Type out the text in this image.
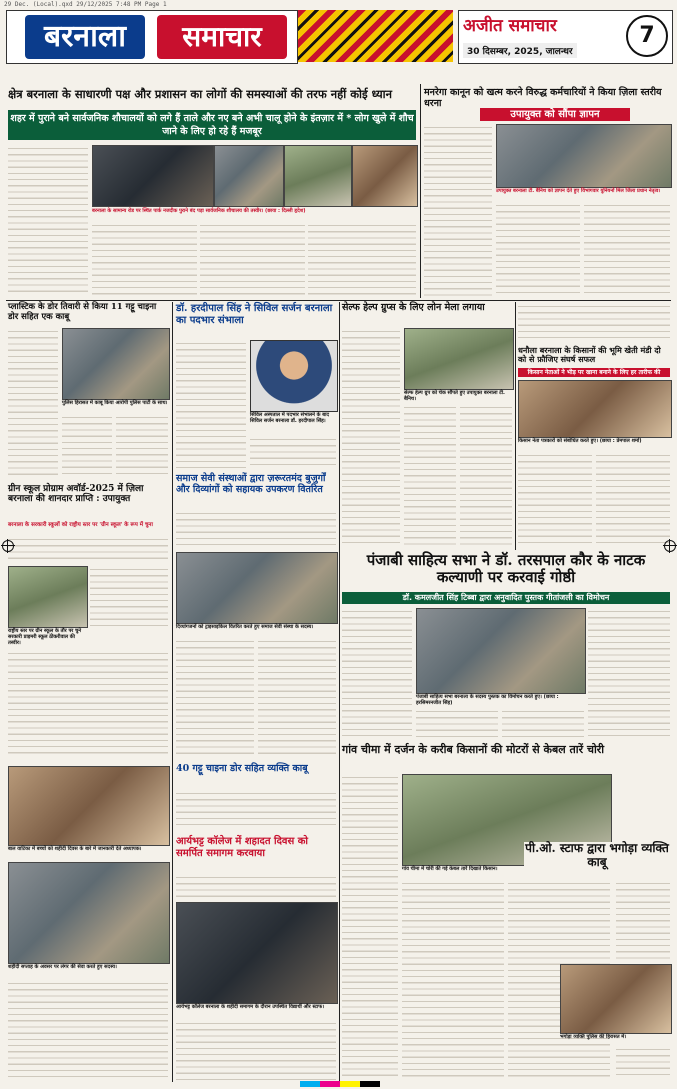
29 Dec. (Local).qxd 29/12/2025 7:48 PM Page 1
बरनाला	समाचार	अजीत समाचार
30 दिसम्बर, 2025, जालन्धर
7
क्षेत्र बरनाला के साधारणी पक्ष और प्रशासन का लोगों की समस्याओं की तरफ नहीं कोई ध्यान
शहर में पुराने बने सार्वजनिक शौचालयों को लगे हैं ताले और नए बने अभी चालू होने के इंतज़ार में * लोग खुले में शौच जाने के लिए हो रहे हैं मजबूर
बरनाला के सामान्य रोड पर स्थित पार्क नजदीक पुराने बंद पड़ा सार्वजनिक शौचालय की तस्वीर। (छाया : दिल्ली हृदेश)
मनरेगा कानून को खत्म करने विरुद्ध कर्मचारियों ने किया ज़िला स्तरीय धरना
उपायुक्त को सौंपा ज्ञापन
उपायुक्त बरनाला टी. बैनिथ को ज्ञापन देते हुए विभागवार युनियनों मिल जिला प्रधान नेतृत्व।
प्लास्टिक के डोर तिवारी से किया 11 गट्टू चाइना डोर सहित एक काबू
पुलिस हिरासत में काबू किया आरोपी पुलिस पार्टी के साथ।
डॉ. हरदीपाल सिंह ने सिविल सर्जन बरनाला का पदभार संभाला
सिविल अस्पताल में पदभार संभालने के बाद सिविल सर्जन बरनाला डॉ. हरदीपाल सिंह।
सेल्फ हेल्प ग्रुप्स के लिए लोन मेला लगाया
सेल्फ हेल्प ग्रुप को चेक सौंपते हुए उपायुक्त बरनाला टी. बैनिथ।
धनौला बरनाला के किसानों की भूमि खेती मंडी दो को से फ़ौजिए संघर्ष सफल
किसान नेताओं ने भीड़ पर खाना बनाने के लिए हर तारीफ की
किसान नेता पत्रकारों को संबोधित करते हुए। (छाया : प्रेमपाल शर्मा)
समाज सेवी संस्थाओं द्वारा ज़रूरतमंद बुजुर्गों और दिव्यांगों को सहायक उपकरण वितरित
दिव्यांगजनों को ट्राइसाइकिल वितरित करते हुए समाज सेवी संस्था के सदस्य।
ग्रीन स्कूल प्रोग्राम अवॉर्ड-2025 में ज़िला बरनाला की शानदार प्राप्ति : उपायुक्त
बरनाला के सरकारी स्कूलों को राष्ट्रीय स्तर पर 'ग्रीन स्कूल' के रूप में चुना
राष्ट्रीय स्तर पर ग्रीन स्कूल के तौर पर चुने सरकारी प्राइमरी स्कूल ठीकरीवाल की तस्वीर।
पंजाबी साहित्य सभा ने डॉ. तरसपाल कौर के नाटक कल्याणी पर करवाई गोष्ठी
डॉ. कमलजीत सिंह टिब्बा द्वारा अनुवादित पुस्तक गीतांजली का विमोचन
पंजाबी साहित्य सभा बरनाला के सदस्य पुस्तक का विमोचन करते हुए। (छाया : हरसिमरनजीत सिंह)
बाल वाटिका में बच्चों को शहीदी दिवस के बारे में जानकारी देते अध्यापक।
शहीदी सप्ताह के अवसर पर लंगर की सेवा करते हुए सदस्य।
40 गट्टू चाइना डोर सहित व्यक्ति काबू
आर्यभट्ट कॉलेज में शहादत दिवस को समर्पित समागम करवाया
आर्यभट्ट कॉलेज बरनाला के शहीदी समागम के दौरान उपस्थित विद्यार्थी और स्टाफ।
गांव चीमा में दर्जन के करीब किसानों की मोटरों से केबल तारें चोरी
गांव चीमा में चोरी की गई केबल तारें दिखाते किसान।
पी.ओ. स्टाफ द्वारा भगोड़ा व्यक्ति काबू
भगोड़ा व्यक्ति पुलिस की हिरासत में।
